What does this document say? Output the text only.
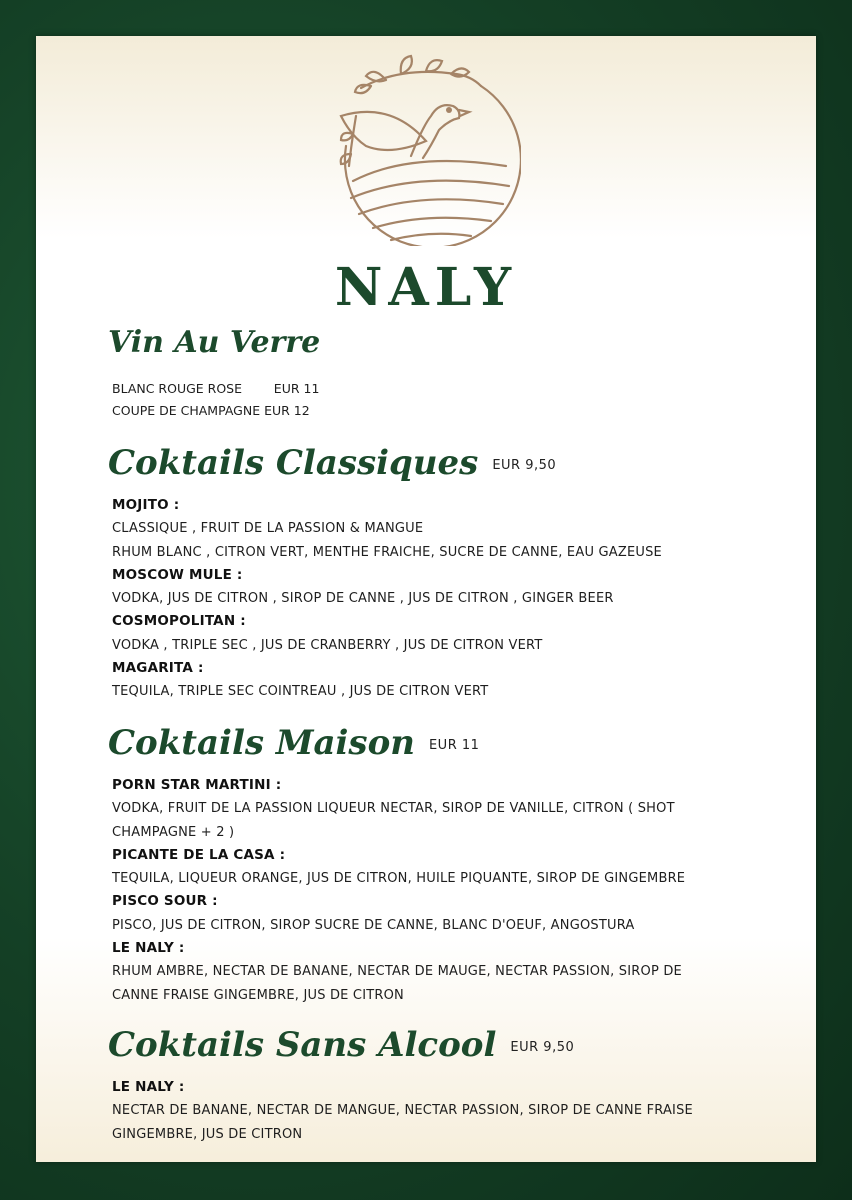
NALY
Vin Au Verre
BLANC ROUGE ROSE        EUR 11
COUPE DE CHAMPAGNE EUR 12
Coktails Classiques EUR 9,50
MOJITO :
CLASSIQUE , FRUIT DE LA PASSION & MANGUE
RHUM BLANC , CITRON VERT, MENTHE FRAICHE, SUCRE DE CANNE, EAU GAZEUSE
MOSCOW MULE :
VODKA, JUS DE CITRON , SIROP DE CANNE , JUS DE CITRON , GINGER BEER
COSMOPOLITAN :
VODKA , TRIPLE SEC , JUS DE CRANBERRY , JUS DE CITRON VERT
MAGARITA :
TEQUILA, TRIPLE SEC COINTREAU , JUS DE CITRON VERT
Coktails Maison EUR 11
PORN STAR MARTINI :
VODKA, FRUIT DE LA PASSION LIQUEUR NECTAR, SIROP DE VANILLE, CITRON ( SHOT
CHAMPAGNE + 2 )
PICANTE DE LA CASA :
TEQUILA, LIQUEUR ORANGE, JUS DE CITRON, HUILE PIQUANTE, SIROP DE GINGEMBRE
PISCO SOUR :
PISCO, JUS DE CITRON, SIROP SUCRE DE CANNE, BLANC D'OEUF, ANGOSTURA
LE NALY :
RHUM AMBRE, NECTAR DE BANANE, NECTAR DE MAUGE, NECTAR PASSION, SIROP DE
CANNE FRAISE GINGEMBRE, JUS DE CITRON
Coktails Sans Alcool EUR 9,50
LE NALY :
NECTAR DE BANANE, NECTAR DE MANGUE, NECTAR PASSION, SIROP DE CANNE FRAISE
GINGEMBRE, JUS DE CITRON
